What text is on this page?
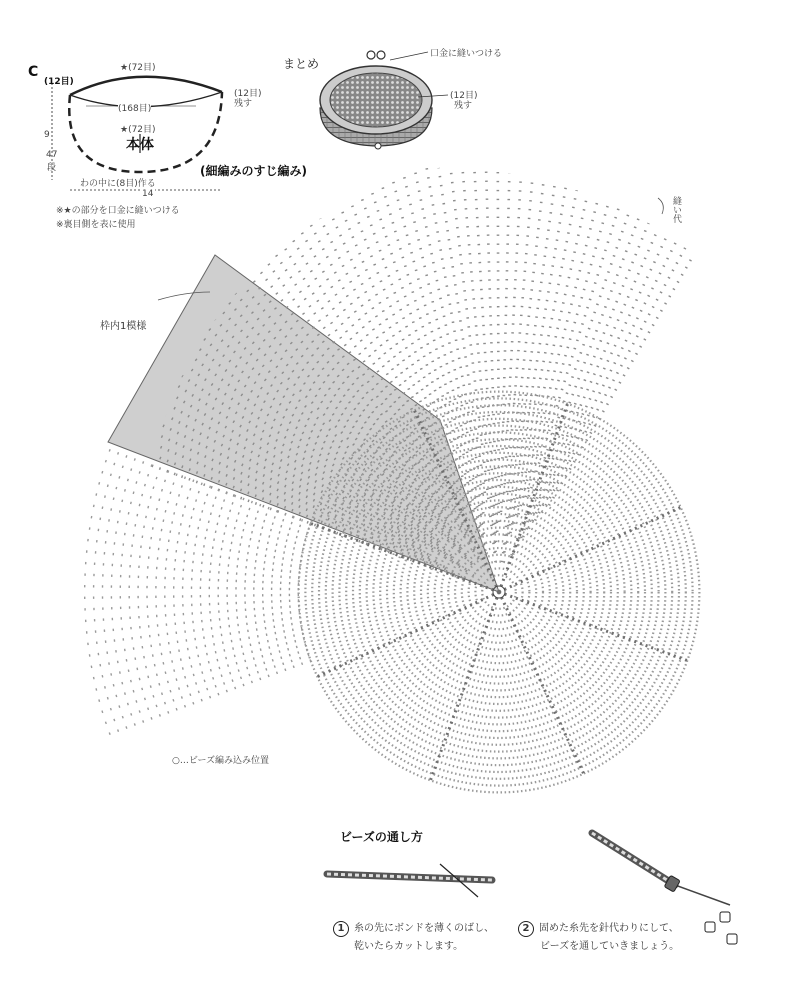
C	★(72目)
(12目)
(12目)
残す
(168目)
★(72目)
本体
9
47
段	(細編みのすじ編み)
わの中に(8目)作る
14
※★の部分を口金に縫いつける
※裏目側を表に使用
まとめ
口金に縫いつける
(12目)
残す
縫い代
枠内1模様
○…ビーズ編み込み位置
ビーズの通し方
1 糸の先にボンドを薄くのばし、
乾いたらカットします。
2 固めた糸先を針代わりにして、
ビーズを通していきましょう。
